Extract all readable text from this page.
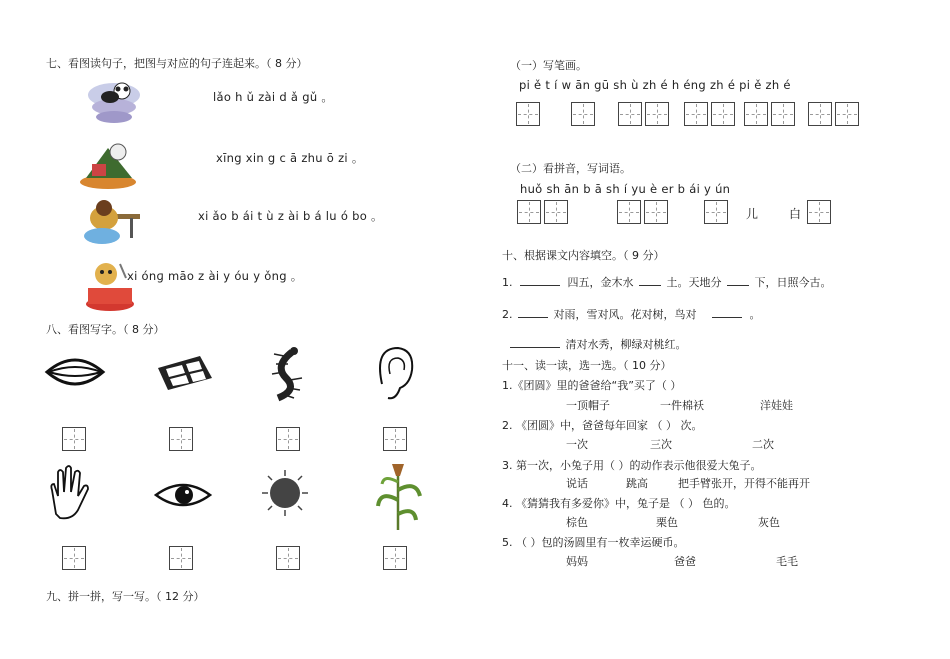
七、看图读句子，把图与对应的句子连起来。（ 8 分）
lǎo h ǔ zài d ǎ gǔ 。
xīng xin g c ā zhu ō zi 。
xi ǎo b ái t ù z ài b á lu ó bo 。
xi ónɡ māo z ài y óu y ǒng 。
八、看图写字。（ 8 分）
九、拼一拼，写一写。（ 12 分）
（一）写笔画。
pi ě t í w ān gū sh ù zh é h éng zh é pi ě zh é
（二）看拼音，写词语。
huǒ sh ān b ā sh í yu è er b ái y ún
儿	白
十、根据课文内容填空。（ 9 分）
1.	四五，金木水	土。天地分	下，日照今古。
2.	对雨，雪对风。花对树，鸟对	。
清对水秀，柳绿对桃红。
十一、读一读，选一选。（ 10 分）
1.《团圆》里的爸爸给“我”买了（ ）
一顶帽子	一件棉袄	洋娃娃
2. 《团圆》中，爸爸每年回家 （ ） 次。
一次	三次	二次
3. 第一次，小兔子用（ ）的动作表示他很爱大兔子。
说话	跳高	把手臂张开，开得不能再开
4. 《猜猜我有多爱你》中，兔子是 （ ） 色的。
棕色	栗色	灰色
5. （ ）包的汤圆里有一枚幸运硬币。
妈妈	爸爸	毛毛
